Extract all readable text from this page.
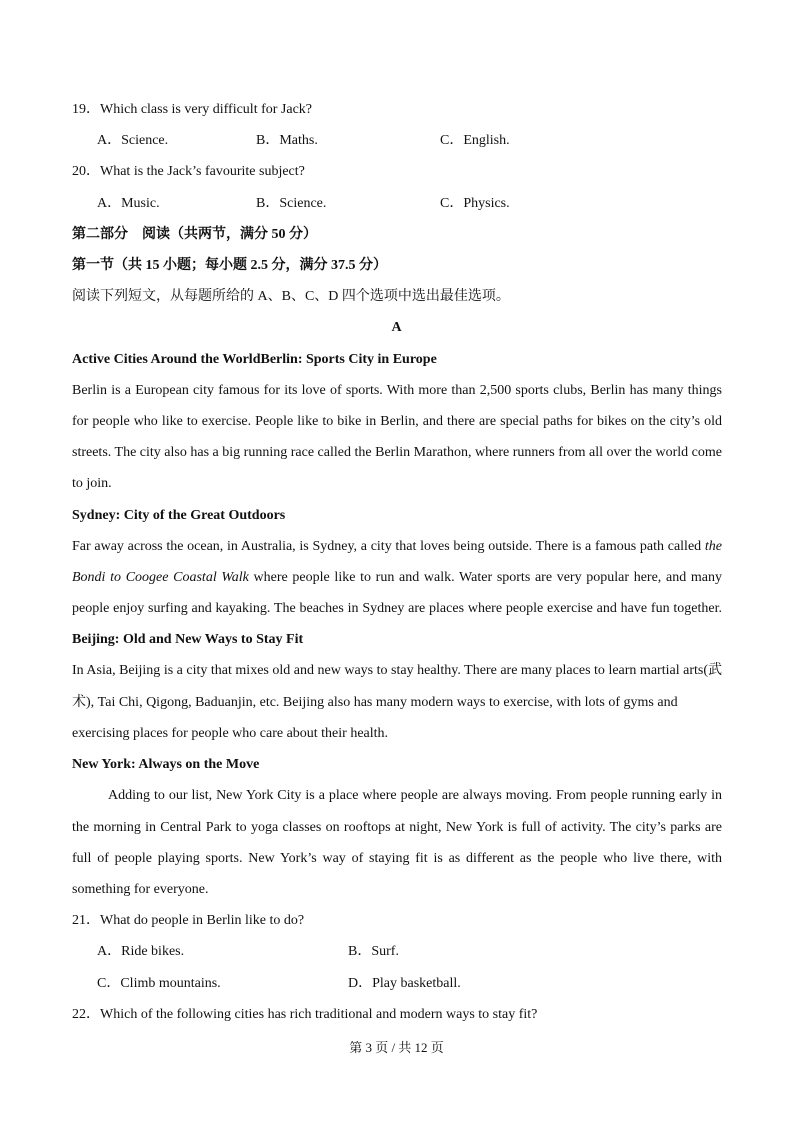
19．Which class is very difficult for Jack?
A．Science.	B．Maths.	C．English.
20．What is the Jack’s favourite subject?
A．Music.	B．Science.	C．Physics.
第二部分　阅读（共两节，满分 50 分）
第一节（共 15 小题；每小题 2.5 分，满分 37.5 分）
阅读下列短文，从每题所给的 A、B、C、D 四个选项中选出最佳选项。
A
Active Cities Around the WorldBerlin: Sports City in Europe
Berlin is a European city famous for its love of sports. With more than 2,500 sports clubs, Berlin has many things
for people who like to exercise. People like to bike in Berlin, and there are special paths for bikes on the city’s old
streets. The city also has a big running race called the Berlin Marathon, where runners from all over the world come
to join.
Sydney: City of the Great Outdoors
Far away across the ocean, in Australia, is Sydney, a city that loves being outside. There is a famous path called the
Bondi to Coogee Coastal Walk where people like to run and walk. Water sports are very popular here, and many
people enjoy surfing and kayaking. The beaches in Sydney are places where people exercise and have fun together.
Beijing: Old and New Ways to Stay Fit
In Asia, Beijing is a city that mixes old and new ways to stay healthy. There are many places to learn martial arts(武
术), Tai Chi, Qigong, Baduanjin, etc. Beijing also has many modern ways to exercise, with lots of gyms and
exercising places for people who care about their health.
New York: Always on the Move
Adding to our list, New York City is a place where people are always moving. From people running early in
the morning in Central Park to yoga classes on rooftops at night, New York is full of activity. The city’s parks are
full of people playing sports. New York’s way of staying fit is as different as the people who live there, with
something for everyone.
21．What do people in Berlin like to do?
A．Ride bikes.	B．Surf.
C．Climb mountains.	D．Play basketball.
22．Which of the following cities has rich traditional and modern ways to stay fit?
第 3 页 / 共 12 页
